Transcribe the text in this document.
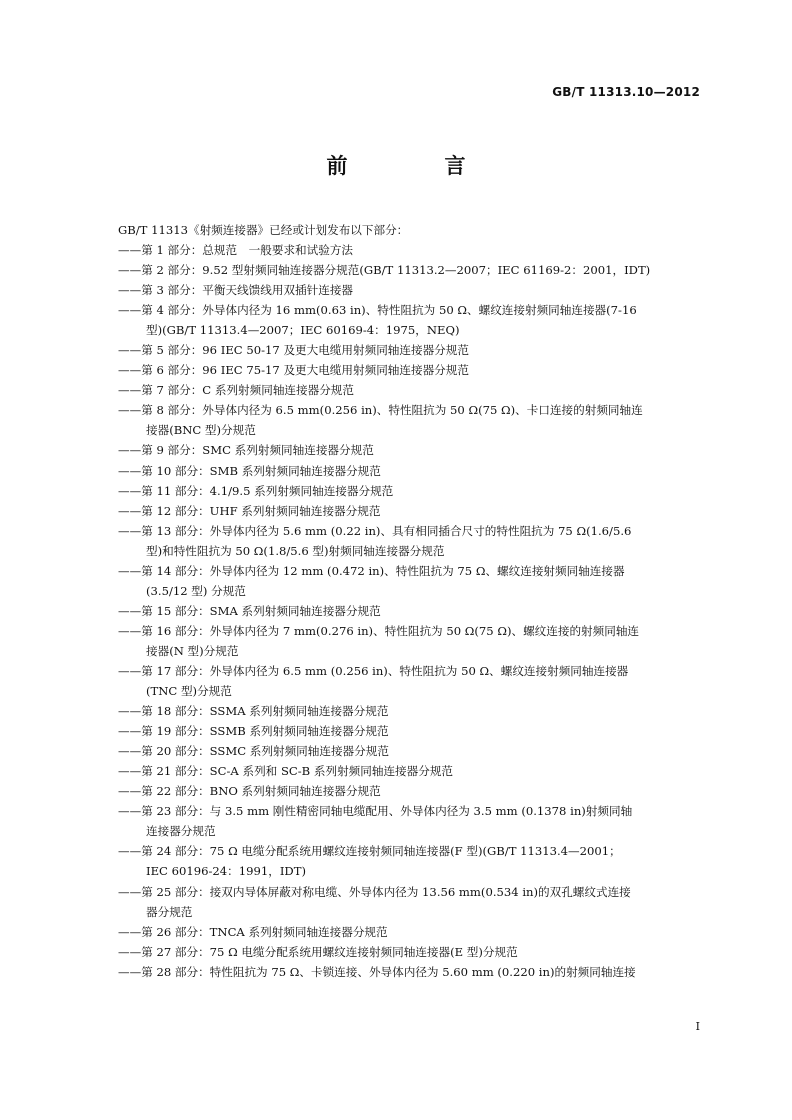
GB/T 11313.10—2012
前　言
GB/T 11313《射频连接器》已经或计划发布以下部分：
——第 1 部分：总规范　一般要求和试验方法
——第 2 部分：9.52 型射频同轴连接器分规范(GB/T 11313.2—2007；IEC 61169-2：2001，IDT)
——第 3 部分：平衡天线馈线用双插针连接器
——第 4 部分：外导体内径为 16 mm(0.63 in)、特性阻抗为 50 Ω、螺纹连接射频同轴连接器(7-16
型)(GB/T 11313.4—2007；IEC 60169-4：1975，NEQ)
——第 5 部分：96 IEC 50-17 及更大电缆用射频同轴连接器分规范
——第 6 部分：96 IEC 75-17 及更大电缆用射频同轴连接器分规范
——第 7 部分：C 系列射频同轴连接器分规范
——第 8 部分：外导体内径为 6.5 mm(0.256 in)、特性阻抗为 50 Ω(75 Ω)、卡口连接的射频同轴连
接器(BNC 型)分规范
——第 9 部分：SMC 系列射频同轴连接器分规范
——第 10 部分：SMB 系列射频同轴连接器分规范
——第 11 部分：4.1/9.5 系列射频同轴连接器分规范
——第 12 部分：UHF 系列射频同轴连接器分规范
——第 13 部分：外导体内径为 5.6 mm (0.22 in)、具有相同插合尺寸的特性阻抗为 75 Ω(1.6/5.6
型)和特性阻抗为 50 Ω(1.8/5.6 型)射频同轴连接器分规范
——第 14 部分：外导体内径为 12 mm (0.472 in)、特性阻抗为 75 Ω、螺纹连接射频同轴连接器
(3.5/12 型) 分规范
——第 15 部分：SMA 系列射频同轴连接器分规范
——第 16 部分：外导体内径为 7 mm(0.276 in)、特性阻抗为 50 Ω(75 Ω)、螺纹连接的射频同轴连
接器(N 型)分规范
——第 17 部分：外导体内径为 6.5 mm (0.256 in)、特性阻抗为 50 Ω、螺纹连接射频同轴连接器
(TNC 型)分规范
——第 18 部分：SSMA 系列射频同轴连接器分规范
——第 19 部分：SSMB 系列射频同轴连接器分规范
——第 20 部分：SSMC 系列射频同轴连接器分规范
——第 21 部分：SC-A 系列和 SC-B 系列射频同轴连接器分规范
——第 22 部分：BNO 系列射频同轴连接器分规范
——第 23 部分：与 3.5 mm 刚性精密同轴电缆配用、外导体内径为 3.5 mm (0.1378 in)射频同轴
连接器分规范
——第 24 部分：75 Ω 电缆分配系统用螺纹连接射频同轴连接器(F 型)(GB/T 11313.4—2001；
IEC 60196-24：1991，IDT)
——第 25 部分：接双内导体屏蔽对称电缆、外导体内径为 13.56 mm(0.534 in)的双孔螺纹式连接
器分规范
——第 26 部分：TNCA 系列射频同轴连接器分规范
——第 27 部分：75 Ω 电缆分配系统用螺纹连接射频同轴连接器(E 型)分规范
——第 28 部分：特性阻抗为 75 Ω、卡锁连接、外导体内径为 5.60 mm (0.220 in)的射频同轴连接
I
